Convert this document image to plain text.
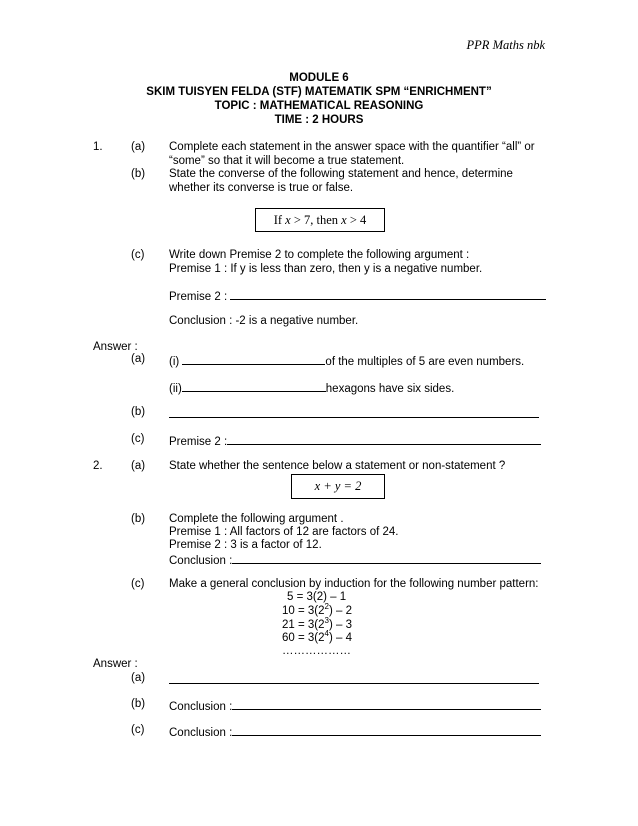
PPR Maths nbk
MODULE 6
SKIM TUISYEN FELDA (STF) MATEMATIK SPM “ENRICHMENT”
TOPIC : MATHEMATICAL REASONING
TIME : 2 HOURS
1. (a) Complete each statement in the answer space with the quantifier “all” or
“some” so that it will become a true statement.
(b) State the converse of the following statement and hence, determine
whether its converse is true or false.
If x > 7, then x > 4
(c) Write down Premise 2 to complete the following argument :
Premise 1 : If y is less than zero, then y is a negative number.
Premise 2 :
Conclusion : -2 is a negative number.
Answer :
(a) (i)	of the multiples of 5 are even numbers.
(ii)	hexagons have six sides.
(b)
(c) Premise 2 :
2. (a) State whether the sentence below a statement or non-statement ?
x + y = 2
(b) Complete the following argument .
Premise 1 : All factors of 12 are factors of 24.
Premise 2 : 3 is a factor of 12.
Conclusion :
(c) Make a general conclusion by induction for the following number pattern:
5 = 3(2) – 1
$10 = 3(2^2) - 2$
$21 = 3(2^3) - 3$
$60 = 3(2^4) - 4$
………………
Answer :
(a)
(b) Conclusion :
(c) Conclusion :
